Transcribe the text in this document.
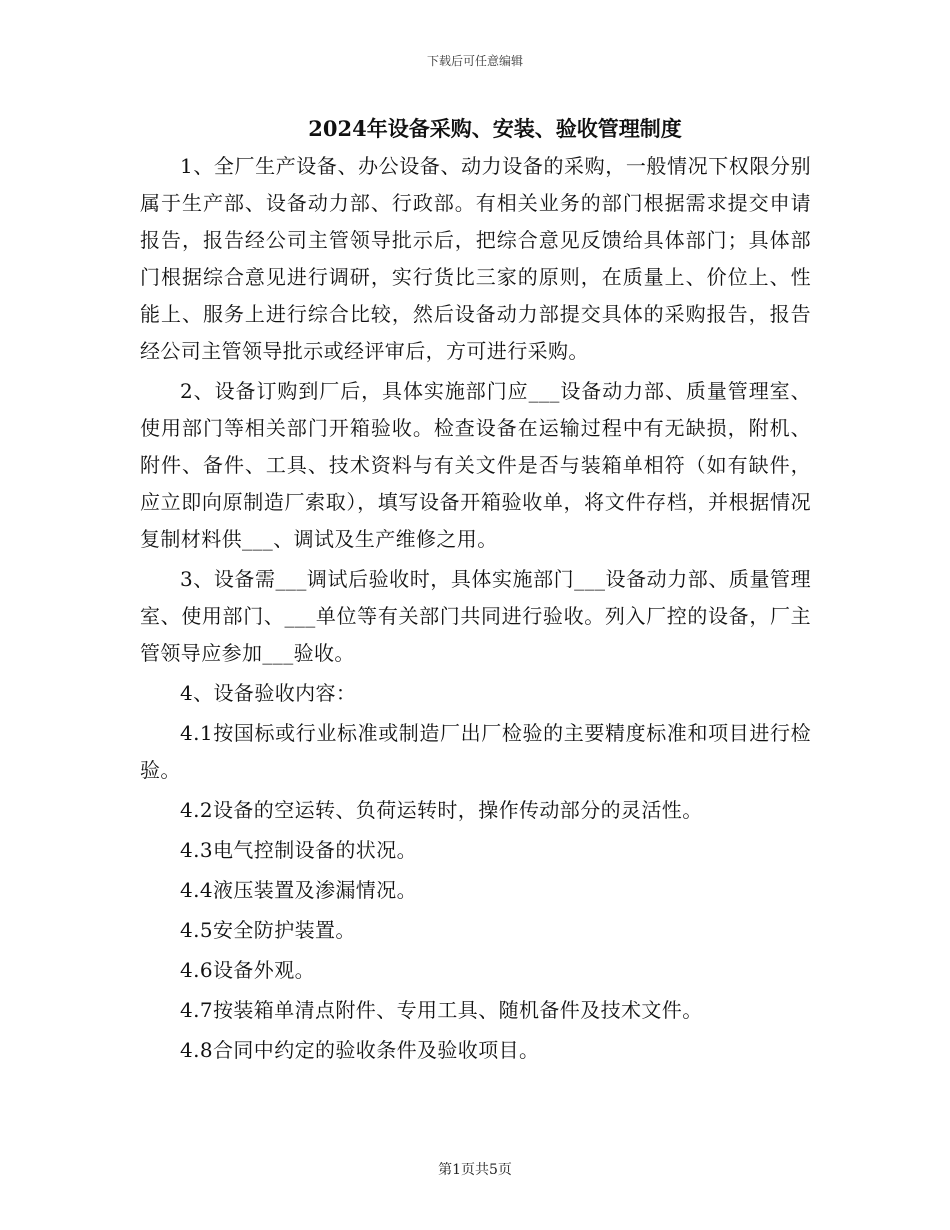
下载后可任意编辑
2024年设备采购、安装、验收管理制度

1、全厂生产设备、办公设备、动力设备的采购，一般情况下权限分别属于生产部、设备动力部、行政部。有相关业务的部门根据需求提交申请报告，报告经公司主管领导批示后，把综合意见反馈给具体部门；具体部门根据综合意见进行调研，实行货比三家的原则，在质量上、价位上、性能上、服务上进行综合比较，然后设备动力部提交具体的采购报告，报告经公司主管领导批示或经评审后，方可进行采购。

2、设备订购到厂后，具体实施部门应___设备动力部、质量管理室、使用部门等相关部门开箱验收。检查设备在运输过程中有无缺损，附机、附件、备件、工具、技术资料与有关文件是否与装箱单相符（如有缺件，应立即向原制造厂索取），填写设备开箱验收单，将文件存档，并根据情况复制材料供___、调试及生产维修之用。

3、设备需___调试后验收时，具体实施部门___设备动力部、质量管理室、使用部门、___单位等有关部门共同进行验收。列入厂控的设备，厂主管领导应参加___验收。

4、设备验收内容：

4.1按国标或行业标准或制造厂出厂检验的主要精度标准和项目进行检验。

4.2设备的空运转、负荷运转时，操作传动部分的灵活性。

4.3电气控制设备的状况。

4.4液压装置及渗漏情况。

4.5安全防护装置。

4.6设备外观。

4.7按装箱单清点附件、专用工具、随机备件及技术文件。

4.8合同中约定的验收条件及验收项目。

第1页共5页
